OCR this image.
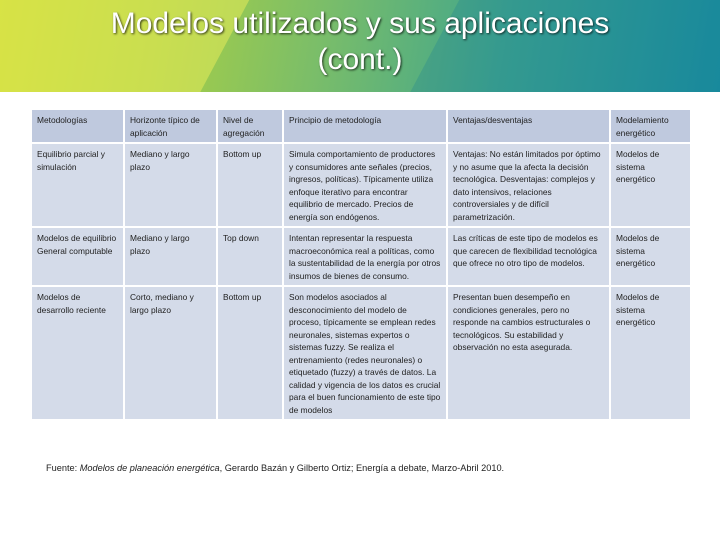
Modelos utilizados y sus aplicaciones
(cont.)
Metodologías	Horizonte típico de aplicación	Nivel de agregación	Principio de metodología	Ventajas/desventajas	Modelamiento energético
Equilibrio parcial y simulación	Mediano y largo plazo	Bottom up	Simula comportamiento de productores y consumidores ante señales (precios, ingresos, políticas). Típicamente utiliza enfoque iterativo para encontrar equilibrio de mercado. Precios de energía son endógenos.	Ventajas: No están limitados por óptimo y no asume que la afecta la decisión tecnológica. Desventajas: complejos y dato intensivos, relaciones controversiales y de difícil parametrización.	Modelos de sistema energético
Modelos de equilibrio General computable	Mediano y largo plazo	Top down	Intentan representar la respuesta macroeconómica real a políticas, como la sustentabilidad de la energía por otros insumos de bienes de consumo.	Las críticas de este tipo de modelos es que carecen de flexibilidad tecnológica que ofrece no otro tipo de modelos.	Modelos de sistema energético
Modelos de desarrollo reciente	Corto, mediano y largo plazo	Bottom up	Son modelos asociados al desconocimiento del modelo de proceso, típicamente se emplean redes neuronales, sistemas expertos o sistemas fuzzy. Se realiza el entrenamiento (redes neuronales) o etiquetado (fuzzy) a través de datos. La calidad y vigencia de los datos es crucial para el buen funcionamiento de este tipo de modelos	Presentan buen desempeño en condiciones generales, pero no responde na cambios estructurales o tecnológicos. Su estabilidad y observación no esta asegurada.	Modelos de sistema energético
Fuente: Modelos de planeación energética, Gerardo Bazán y Gilberto Ortiz; Energía a debate, Marzo-Abril 2010.
